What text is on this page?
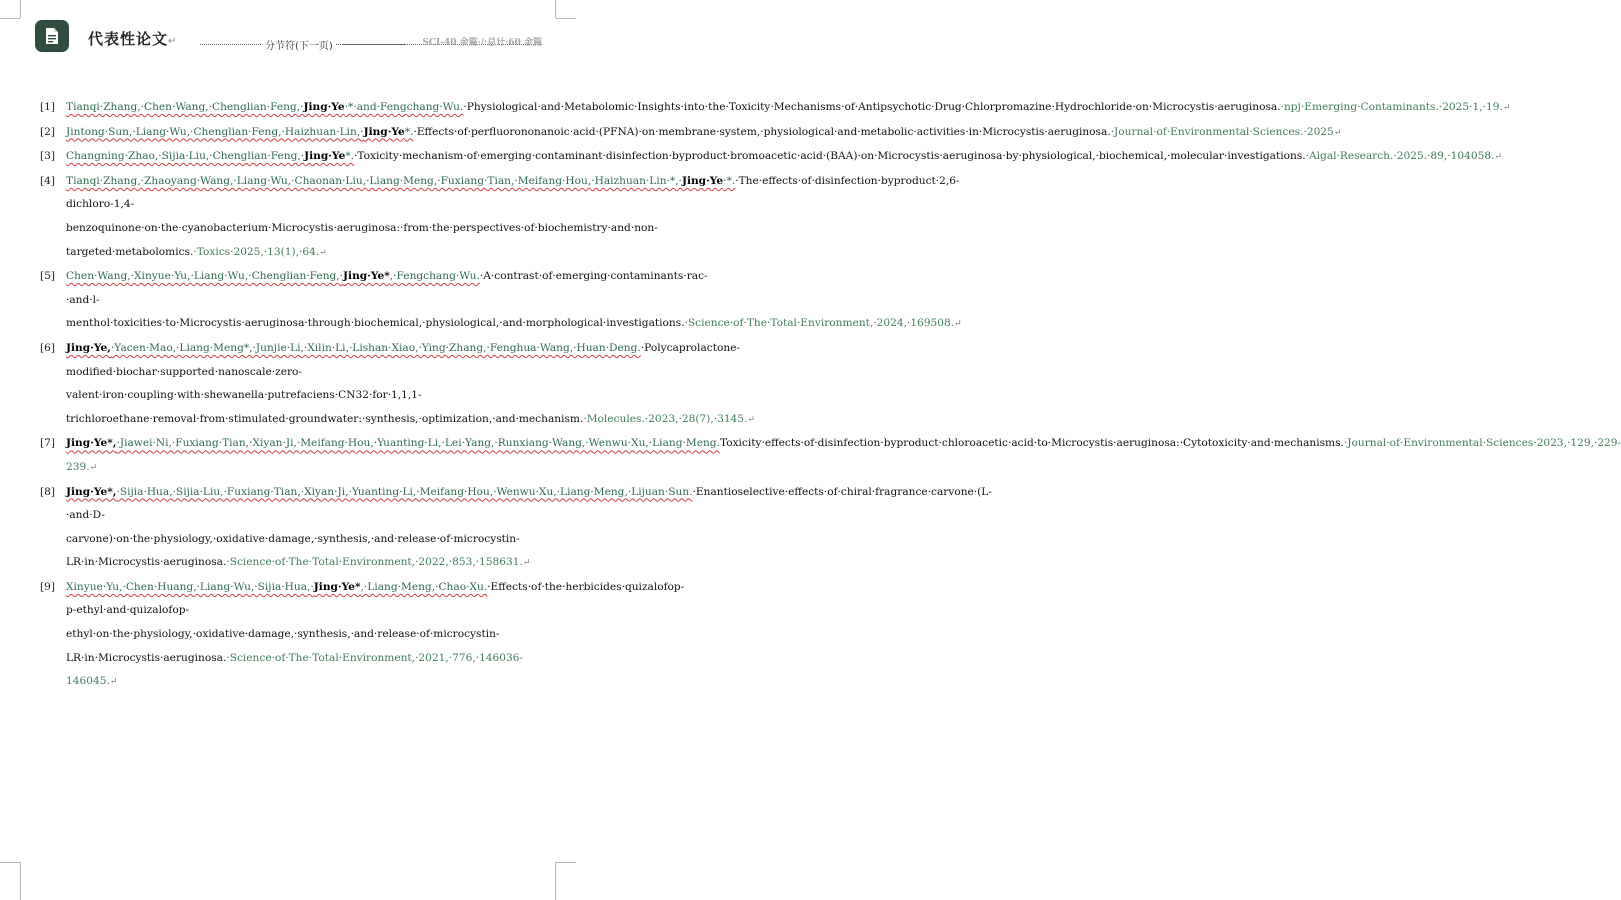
代表性论文↵	分节符(下一页)	SCI-40 余篇·/·总计·60 余篇
[1] Tianqi·Zhang,·Chen·Wang,·Chenglian·Feng,·Jing·Ye·*·and·Fengchang·Wu.·Physiological·and·Metabolomic·Insights·into·the·Toxicity·Mechanisms·of·Antipsychotic·Drug·Chlorpromazine·Hydrochloride·on·Microcystis·aeruginosa.·npj·Emerging·Contaminants.·2025·1,·19.↵
[2] Jintong·Sun,·Liang·Wu,·Chenglian·Feng,·Haizhuan·Lin,·Jing·Ye*.·Effects·of·perfluorononanoic·acid·(PFNA)·on·membrane·system,·physiological·and·metabolic·activities·in·Microcystis·aeruginosa.·Journal·of·Environmental·Sciences.·2025↵
[3] Changning·Zhao,·Sijia·Liu,·Chenglian·Feng,·Jing·Ye*.·Toxicity·mechanism·of·emerging·contaminant·disinfection·byproduct·bromoacetic·acid·(BAA)·on·Microcystis·aeruginosa·by·physiological,·biochemical,·molecular·investigations.·Algal·Research.·2025.·89,·104058.↵
[4] Tianqi·Zhang,·Zhaoyang·Wang,·Liang·Wu,·Chaonan·Liu,·Liang·Meng,·Fuxiang·Tian,·Meifang·Hou,·Haizhuan·Lin·*,·Jing·Ye·*.·The·effects·of·disinfection·byproduct·2,6-dichloro-1,4-benzoquinone·on·the·cyanobacterium·Microcystis·aeruginosa:·from·the·perspectives·of·biochemistry·and·non-targeted·metabolomics.·Toxics·2025,·13(1),·64.↵
[5] Chen·Wang,·Xinyue·Yu,·Liang·Wu,·Chenglian·Feng,·Jing·Ye*,·Fengchang·Wu.·A·contrast·of·emerging·contaminants·rac-·and·l-menthol·toxicities·to·Microcystis·aeruginosa·through·biochemical,·physiological,·and·morphological·investigations.·Science·of·The·Total·Environment,·2024,·169508.↵
[6] Jing·Ye,·Yacen·Mao,·Liang·Meng*,·Junjie·Li,·Xilin·Li,·Lishan·Xiao,·Ying·Zhang,·Fenghua·Wang,·Huan·Deng.·Polycaprolactone-modified·biochar·supported·nanoscale·zero-valent·iron·coupling·with·shewanella·putrefaciens·CN32·for·1,1,1-trichloroethane·removal·from·stimulated·groundwater:·synthesis,·optimization,·and·mechanism.·Molecules.·2023,·28(7),·3145.↵
[7] Jing·Ye*,·Jiawei·Ni,·Fuxiang·Tian,·Xiyan·Ji,·Meifang·Hou,·Yuanting·Li,·Lei·Yang,·Runxiang·Wang,·Wenwu·Xu,·Liang·Meng.Toxicity·effects·of·disinfection·byproduct·chloroacetic·acid·to·Microcystis·aeruginosa:·Cytotoxicity·and·mechanisms.·Journal·of·Environmental·Sciences·2023,·129,·229-239.↵
[8] Jing·Ye*,·Sijia·Hua,·Sijia·Liu,·Fuxiang·Tian,·Xiyan·Ji,·Yuanting·Li,·Meifang·Hou,·Wenwu·Xu,·Liang·Meng,·Lijuan·Sun.·Enantioselective·effects·of·chiral·fragrance·carvone·(L-·and·D-carvone)·on·the·physiology,·oxidative·damage,·synthesis,·and·release·of·microcystin-LR·in·Microcystis·aeruginosa.·Science·of·The·Total·Environment,·2022,·853,·158631.↵
[9] Xinyue·Yu,·Chen·Huang,·Liang·Wu,·Sijia·Hua,·Jing·Ye*,·Liang·Meng,·Chao·Xu.·Effects·of·the·herbicides·quizalofop-p-ethyl·and·quizalofop-ethyl·on·the·physiology,·oxidative·damage,·synthesis,·and·release·of·microcystin-LR·in·Microcystis·aeruginosa.·Science·of·The·Total·Environment,·2021,·776,·146036-146045.↵
